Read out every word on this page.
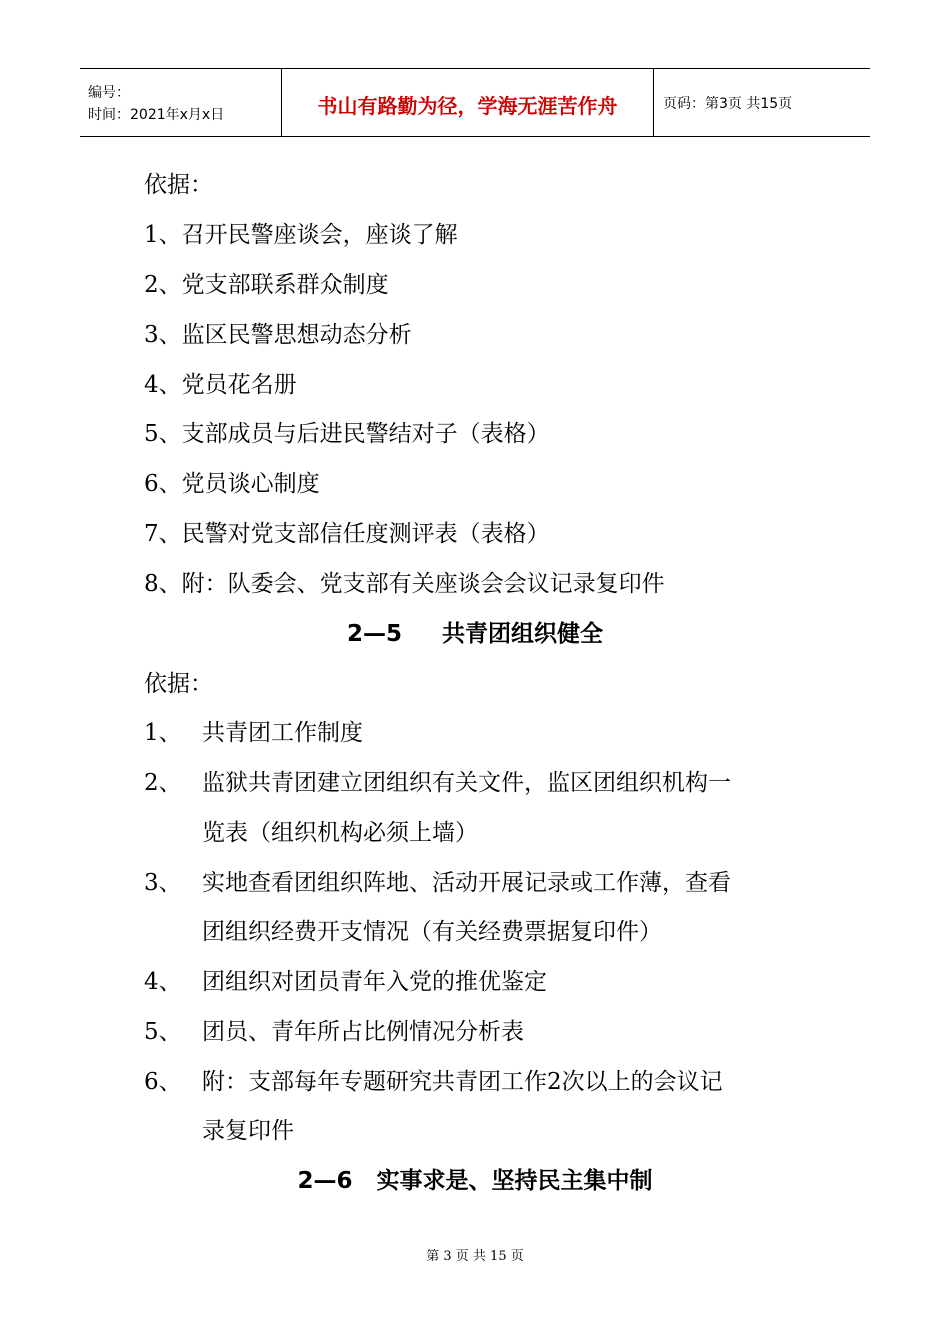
编号：
时间：2021年x月x日	书山有路勤为径，学海无涯苦作舟	页码：第3页 共15页
依据：
1、召开民警座谈会，座谈了解
2、党支部联系群众制度
3、监区民警思想动态分析
4、党员花名册
5、支部成员与后进民警结对子（表格）
6、党员谈心制度
7、民警对党支部信任度测评表（表格）
8、附：队委会、党支部有关座谈会会议记录复印件
2—5     共青团组织健全
依据：
1、 共青团工作制度
2、 监狱共青团建立团组织有关文件，监区团组织机构一
览表（组织机构必须上墙）
3、 实地查看团组织阵地、活动开展记录或工作薄，查看
团组织经费开支情况（有关经费票据复印件）
4、 团组织对团员青年入党的推优鉴定
5、 团员、青年所占比例情况分析表
6、 附：支部每年专题研究共青团工作2次以上的会议记
录复印件
2—6   实事求是、坚持民主集中制
第 3 页 共 15 页
